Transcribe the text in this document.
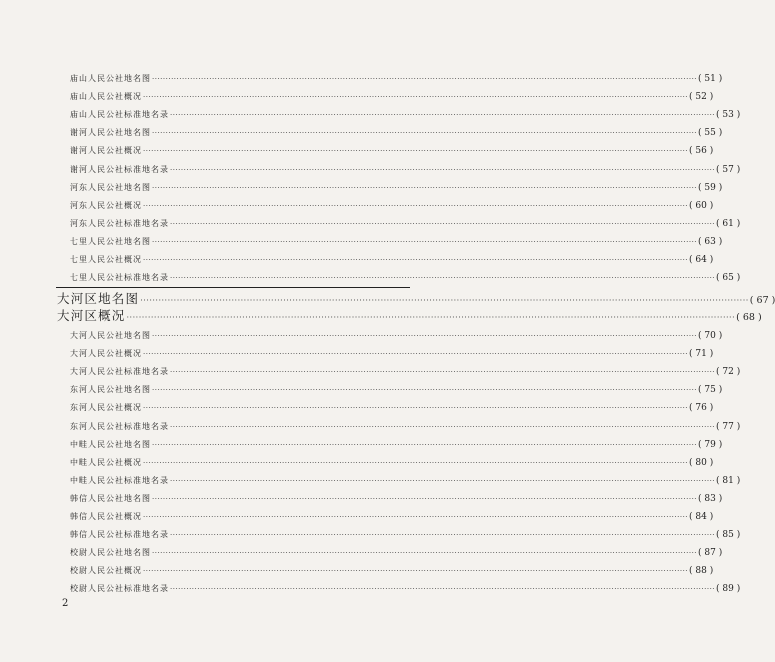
庙山人民公社地名图 ········································································································································································································ ( 51 )
庙山人民公社概况 ········································································································································································································ ( 52 )
庙山人民公社标准地名录 ········································································································································································································ ( 53 )
谢河人民公社地名图 ········································································································································································································ ( 55 )
谢河人民公社概况 ········································································································································································································ ( 56 )
谢河人民公社标准地名录 ········································································································································································································ ( 57 )
河东人民公社地名图 ········································································································································································································ ( 59 )
河东人民公社概况 ········································································································································································································ ( 60 )
河东人民公社标准地名录 ········································································································································································································ ( 61 )
七里人民公社地名图 ········································································································································································································ ( 63 )
七里人民公社概况 ········································································································································································································ ( 64 )
七里人民公社标准地名录 ········································································································································································································ ( 65 )
大河区地名图 ········································································································································································································ ( 67 )
大河区概况 ········································································································································································································ ( 68 )
大河人民公社地名图 ········································································································································································································ ( 70 )
大河人民公社概况 ········································································································································································································ ( 71 )
大河人民公社标准地名录 ········································································································································································································ ( 72 )
东河人民公社地名图 ········································································································································································································ ( 75 )
东河人民公社概况 ········································································································································································································ ( 76 )
东河人民公社标准地名录 ········································································································································································································ ( 77 )
中畦人民公社地名图 ········································································································································································································ ( 79 )
中畦人民公社概况 ········································································································································································································ ( 80 )
中畦人民公社标准地名录 ········································································································································································································ ( 81 )
韩信人民公社地名图 ········································································································································································································ ( 83 )
韩信人民公社概况 ········································································································································································································ ( 84 )
韩信人民公社标准地名录 ········································································································································································································ ( 85 )
校尉人民公社地名图 ········································································································································································································ ( 87 )
校尉人民公社概况 ········································································································································································································ ( 88 )
校尉人民公社标准地名录 ········································································································································································································ ( 89 )
2
